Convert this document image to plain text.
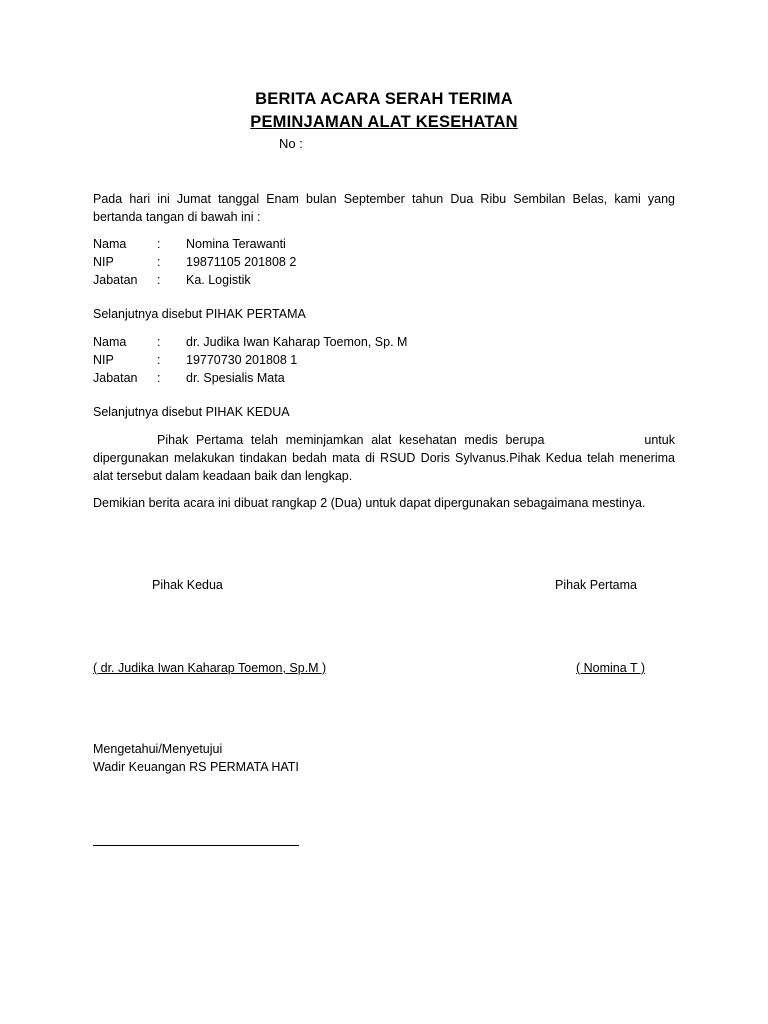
BERITA ACARA SERAH TERIMA
PEMINJAMAN ALAT KESEHATAN
No :
Pada hari ini Jumat tanggal Enam bulan September tahun Dua Ribu Sembilan Belas, kami yang bertanda tangan di bawah ini :
Nama	:	Nomina Terawanti
NIP	:	19871105 201808 2
Jabatan	:	Ka. Logistik
Selanjutnya disebut PIHAK PERTAMA
Nama	:	dr. Judika Iwan Kaharap Toemon, Sp. M
NIP	:	19770730 201808 1
Jabatan	:	dr. Spesialis Mata
Selanjutnya disebut PIHAK KEDUA
Pihak Pertama telah meminjamkan alat kesehatan medis berupa	untuk dipergunakan melakukan tindakan bedah mata di RSUD Doris Sylvanus.Pihak Kedua telah menerima alat tersebut dalam keadaan baik dan lengkap.
Demikian berita acara ini dibuat rangkap 2 (Dua) untuk dapat dipergunakan sebagaimana mestinya.
Pihak Kedua	Pihak Pertama
( dr. Judika Iwan Kaharap Toemon, Sp.M )	( Nomina T )
Mengetahui/Menyetujui
Wadir Keuangan RS PERMATA HATI
